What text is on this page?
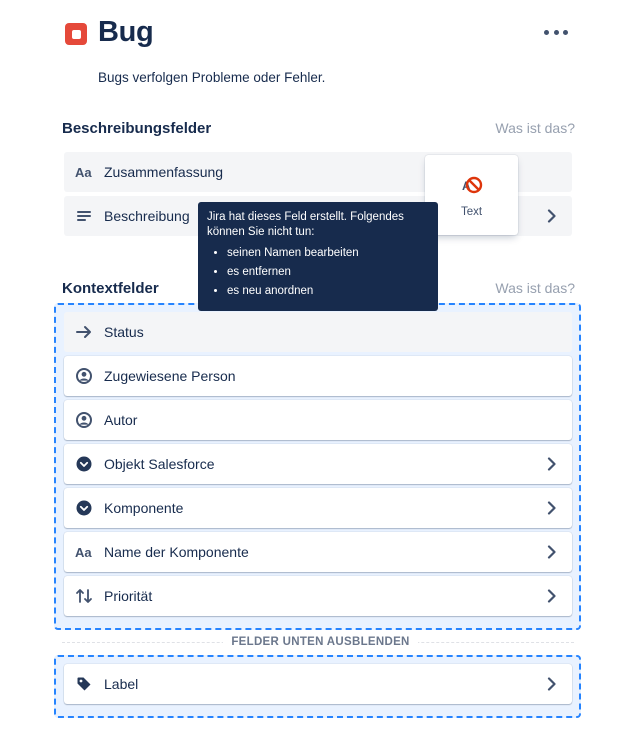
Bug
Bugs verfolgen Probleme oder Fehler.
Beschreibungsfelder	Was ist das?
Aa Zusammenfassung
Beschreibung
A
Text
Jira hat dieses Feld erstellt. Folgendes können Sie nicht tun:
• seinen Namen bearbeiten
• es entfernen
• es neu anordnen
Kontextfelder	Was ist das?
Status
Zugewiesene Person
Autor
Objekt Salesforce
Komponente
Aa Name der Komponente
Priorität
FELDER UNTEN AUSBLENDEN
Label
